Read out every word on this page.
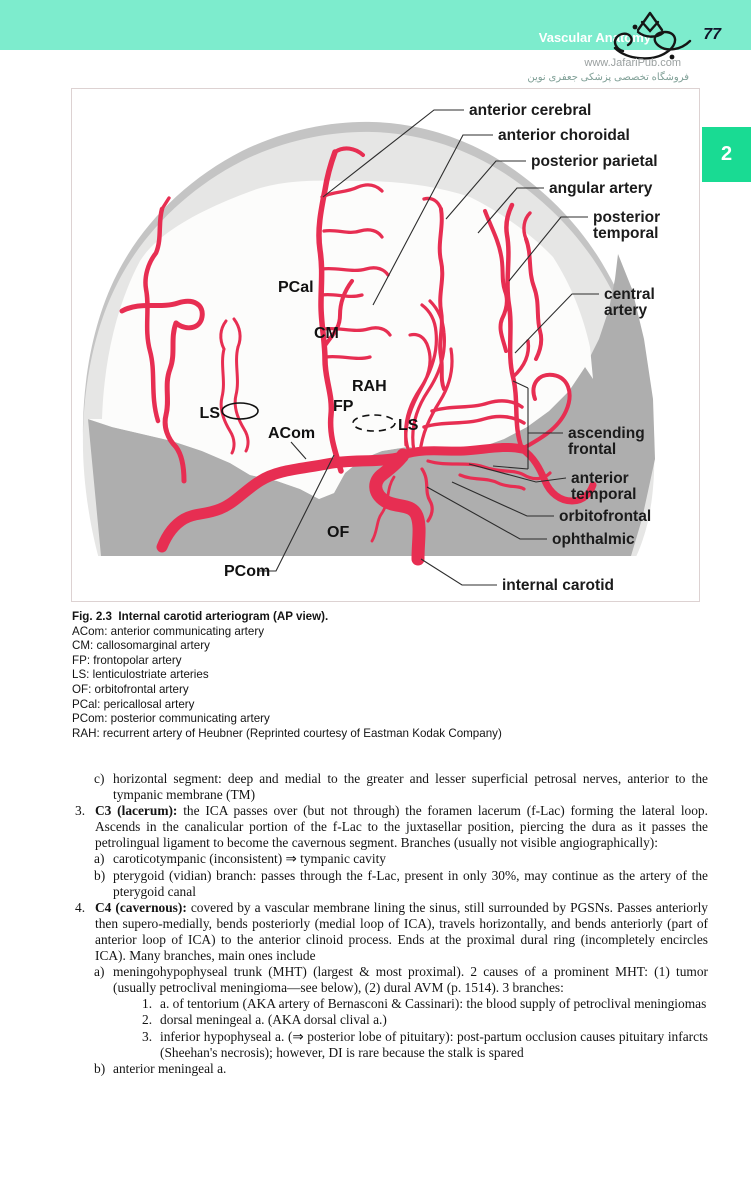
Vascular Anatomy	77
www.JafariPub.com
فروشگاه تخصصی پزشکی جعفری نوین
2
anterior cerebral
anterior choroidal
posterior parietal
angular artery
posterior
temporal
central
artery
ascending
frontal
anterior
temporal
orbitofrontal
ophthalmic
internal carotid
PCal
CM
RAH
FP
LS
ACom	LS
OF
PCom
Fig. 2.3 Internal carotid arteriogram (AP view).
ACom: anterior communicating artery
CM: callosomarginal artery
FP: frontopolar artery
LS: lenticulostriate arteries
OF: orbitofrontal artery
PCal: pericallosal artery
PCom: posterior communicating artery
RAH: recurrent artery of Heubner (Reprinted courtesy of Eastman Kodak Company)
c) horizontal segment: deep and medial to the greater and lesser superficial petrosal nerves, anterior to the tympanic membrane (TM)
3. C3 (lacerum): the ICA passes over (but not through) the foramen lacerum (f-Lac) forming the lateral loop. Ascends in the canalicular portion of the f-Lac to the juxtasellar position, piercing the dura as it passes the petrolingual ligament to become the cavernous segment. Branches (usually not visible angiographically):
a) caroticotympanic (inconsistent) ⇒ tympanic cavity
b) pterygoid (vidian) branch: passes through the f-Lac, present in only 30%, may continue as the artery of the pterygoid canal
4. C4 (cavernous): covered by a vascular membrane lining the sinus, still surrounded by PGSNs. Passes anteriorly then supero-medially, bends posteriorly (medial loop of ICA), travels horizontally, and bends anteriorly (part of anterior loop of ICA) to the anterior clinoid process. Ends at the proximal dural ring (incompletely encircles ICA). Many branches, main ones include
a) meningohypophyseal trunk (MHT) (largest & most proximal). 2 causes of a prominent MHT: (1) tumor (usually petroclival meningioma—see below), (2) dural AVM (p. 1514). 3 branches:
1. a. of tentorium (AKA artery of Bernasconi & Cassinari): the blood supply of petroclival meningiomas
2. dorsal meningeal a. (AKA dorsal clival a.)
3. inferior hypophyseal a. (⇒ posterior lobe of pituitary): post-partum occlusion causes pituitary infarcts (Sheehan's necrosis); however, DI is rare because the stalk is spared
b) anterior meningeal a.
